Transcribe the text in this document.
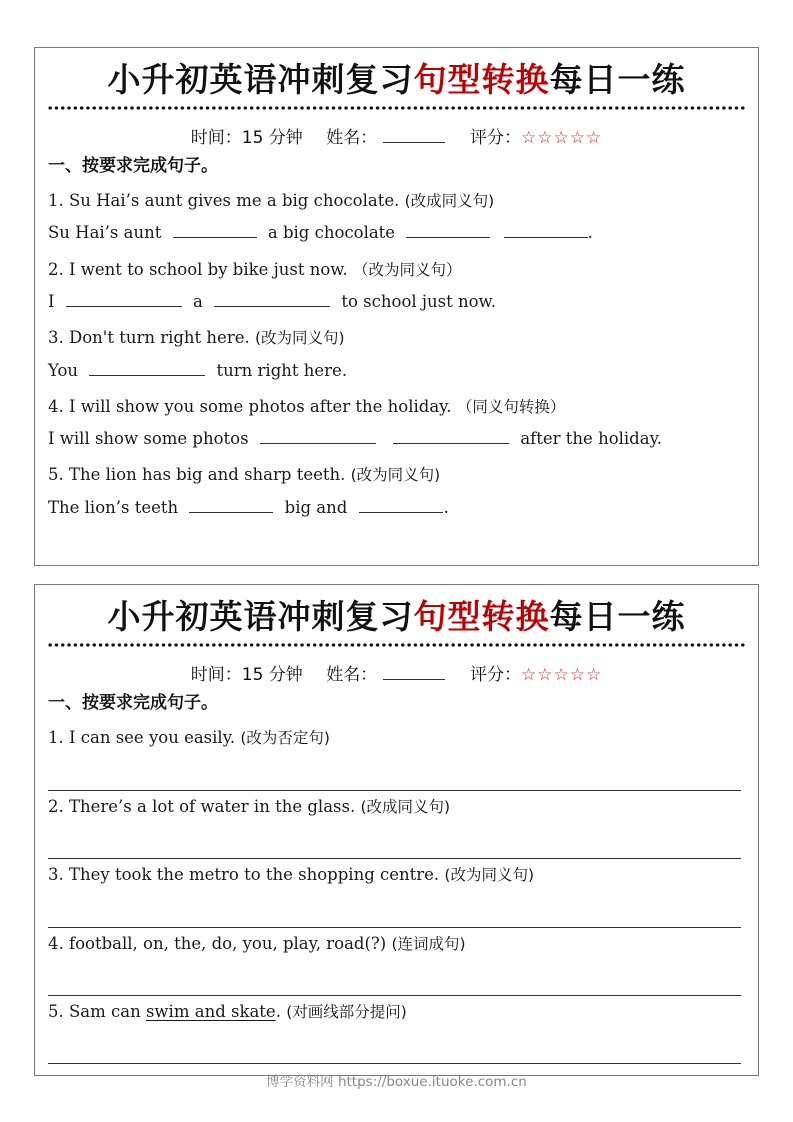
小升初英语冲刺复习句型转换每日一练
时间：15 分钟 姓名：	评分：☆☆☆☆☆
一、按要求完成句子。
1. Su Hai’s aunt gives me a big chocolate. (改成同义句)
Su Hai’s aunt	a big chocolate	.
2. I went to school by bike just now. （改为同义句）
I	a	to school just now.
3. Don't turn right here. (改为同义句)
You	turn right here.
4. I will show you some photos after the holiday. （同义句转换）
I will show some photos	after the holiday.
5. The lion has big and sharp teeth. (改为同义句)
The lion’s teeth	big and	.
小升初英语冲刺复习句型转换每日一练
时间：15 分钟 姓名：	评分：☆☆☆☆☆
一、按要求完成句子。
1. I can see you easily. (改为否定句)
2. There’s a lot of water in the glass. (改成同义句)
3. They took the metro to the shopping centre. (改为同义句)
4. football, on, the, do, you, play, road(?) (连词成句)
5. Sam can swim and skate. (对画线部分提问)
博学资料网 https://boxue.ituoke.com.cn
